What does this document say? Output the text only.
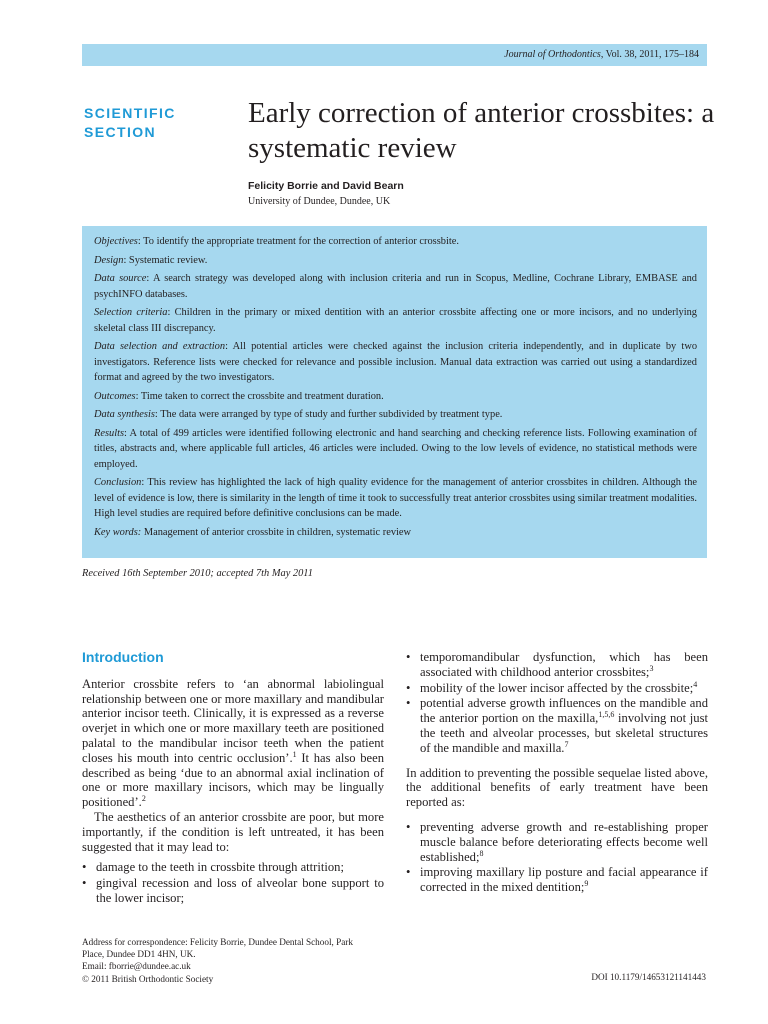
Journal of Orthodontics, Vol. 38, 2011, 175–184
SCIENTIFIC SECTION
Early correction of anterior crossbites: a systematic review
Felicity Borrie and David Bearn
University of Dundee, Dundee, UK

Objectives: To identify the appropriate treatment for the correction of anterior crossbite.

Design: Systematic review.

Data source: A search strategy was developed along with inclusion criteria and run in Scopus, Medline, Cochrane Library, EMBASE and psychINFO databases.

Selection criteria: Children in the primary or mixed dentition with an anterior crossbite affecting one or more incisors, and no underlying skeletal class III discrepancy.

Data selection and extraction: All potential articles were checked against the inclusion criteria independently, and in duplicate by two investigators. Reference lists were checked for relevance and possible inclusion. Manual data extraction was carried out using a standardized format and agreed by the two investigators.

Outcomes: Time taken to correct the crossbite and treatment duration.

Data synthesis: The data were arranged by type of study and further subdivided by treatment type.

Results: A total of 499 articles were identified following electronic and hand searching and checking reference lists. Following examination of titles, abstracts and, where applicable full articles, 46 articles were included. Owing to the low levels of evidence, no statistical methods were employed.

Conclusion: This review has highlighted the lack of high quality evidence for the management of anterior crossbites in children. Although the level of evidence is low, there is similarity in the length of time it took to successfully treat anterior crossbites using similar treatment modalities. High level studies are required before definitive conclusions can be made.

Key words: Management of anterior crossbite in children, systematic review

Received 16th September 2010; accepted 7th May 2011
Introduction

Anterior crossbite refers to ‘an abnormal labiolingual relationship between one or more maxillary and mandibular anterior incisor teeth. Clinically, it is expressed as a reverse overjet in which one or more maxillary teeth are positioned palatal to the mandibular incisor teeth when the patient closes his mouth into centric occlusion’.$^1$ It has also been described as being ‘due to an abnormal axial inclination of one or more maxillary incisors, which may be lingually positioned’.$^2$

The aesthetics of an anterior crossbite are poor, but more importantly, if the condition is left untreated, it has been suggested that it may lead to:

• damage to the teeth in crossbite through attrition;
• gingival recession and loss of alveolar bone support to the lower incisor;
• temporomandibular dysfunction, which has been associated with childhood anterior crossbites;$^3$
• mobility of the lower incisor affected by the crossbite;$^4$
• potential adverse growth influences on the mandible and the anterior portion on the maxilla,$^{1,5,6}$ involving not just the teeth and alveolar processes, but skeletal structures of the mandible and maxilla.$^7$

In addition to preventing the possible sequelae listed above, the additional benefits of early treatment have been reported as:

• preventing adverse growth and re-establishing proper muscle balance before deteriorating effects become well established;$^8$
• improving maxillary lip posture and facial appearance if corrected in the mixed dentition;$^9$
Address for correspondence: Felicity Borrie, Dundee Dental School, Park Place, Dundee DD1 4HN, UK.
Email: fborrie@dundee.ac.uk
© 2011 British Orthodontic Society	DOI 10.1179/14653121141443
